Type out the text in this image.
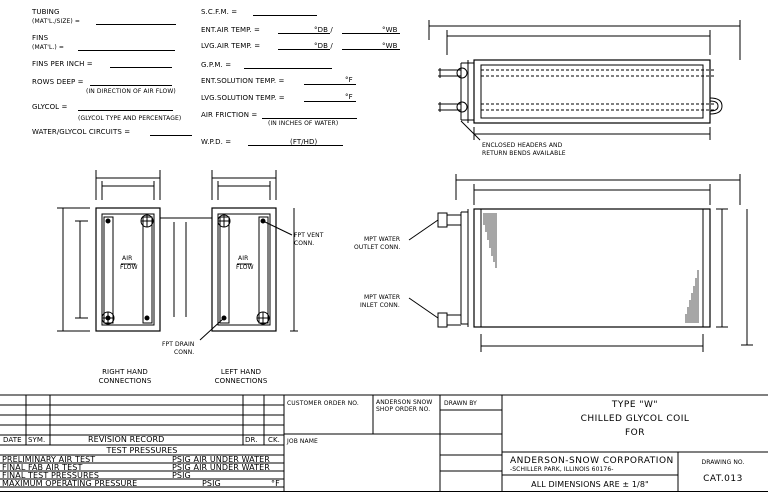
TUBING
(MAT'L./SIZE) =
FINS
(MAT'L.) =
FINS PER INCH =
ROWS DEEP =
(IN DIRECTION OF AIR FLOW)
GLYCOL =
(GLYCOL TYPE AND PERCENTAGE)
WATER/GLYCOL CIRCUITS =
S.C.F.M. =
ENT.AIR TEMP. =	°DB /	°WB
LVG.AIR TEMP. =	°DB /	°WB
G.P.M. =
ENT.SOLUTION TEMP. =	°F
LVG.SOLUTION TEMP. =	°F
AIR FRICTION =
(IN INCHES OF WATER)
W.P.D. =	(FT/HD)	ENCLOSED HEADERS AND
RETURN BENDS AVAILABLE
FPT VENT
CONN.
FPT DRAIN
CONN.
AIR
FLOW
AIR
FLOW
RIGHT HAND
CONNECTIONS
LEFT HAND
CONNECTIONS
MPT WATER
OUTLET CONN.
MPT WATER
INLET CONN.
DATE SYM.	REVISION RECORD	DR. CK.
TEST PRESSURES
PRELIMINARY AIR TEST	PSIG AIR UNDER WATER
FINAL FAB AIR TEST	PSIG AIR UNDER WATER
FINAL TEST PRESSURES	PSIG
MAXIMUM OPERATING PRESSURE	PSIG	°F
CUSTOMER ORDER NO.	ANDERSON SNOW
SHOP ORDER NO.
DRAWN BY
JOB NAME
TYPE "W"
CHILLED GLYCOL COIL
FOR
ANDERSON-SNOW CORPORATION
-SCHILLER PARK, ILLINOIS 60176-
ALL DIMENSIONS ARE ± 1/8"
DRAWING NO.
CAT.013
